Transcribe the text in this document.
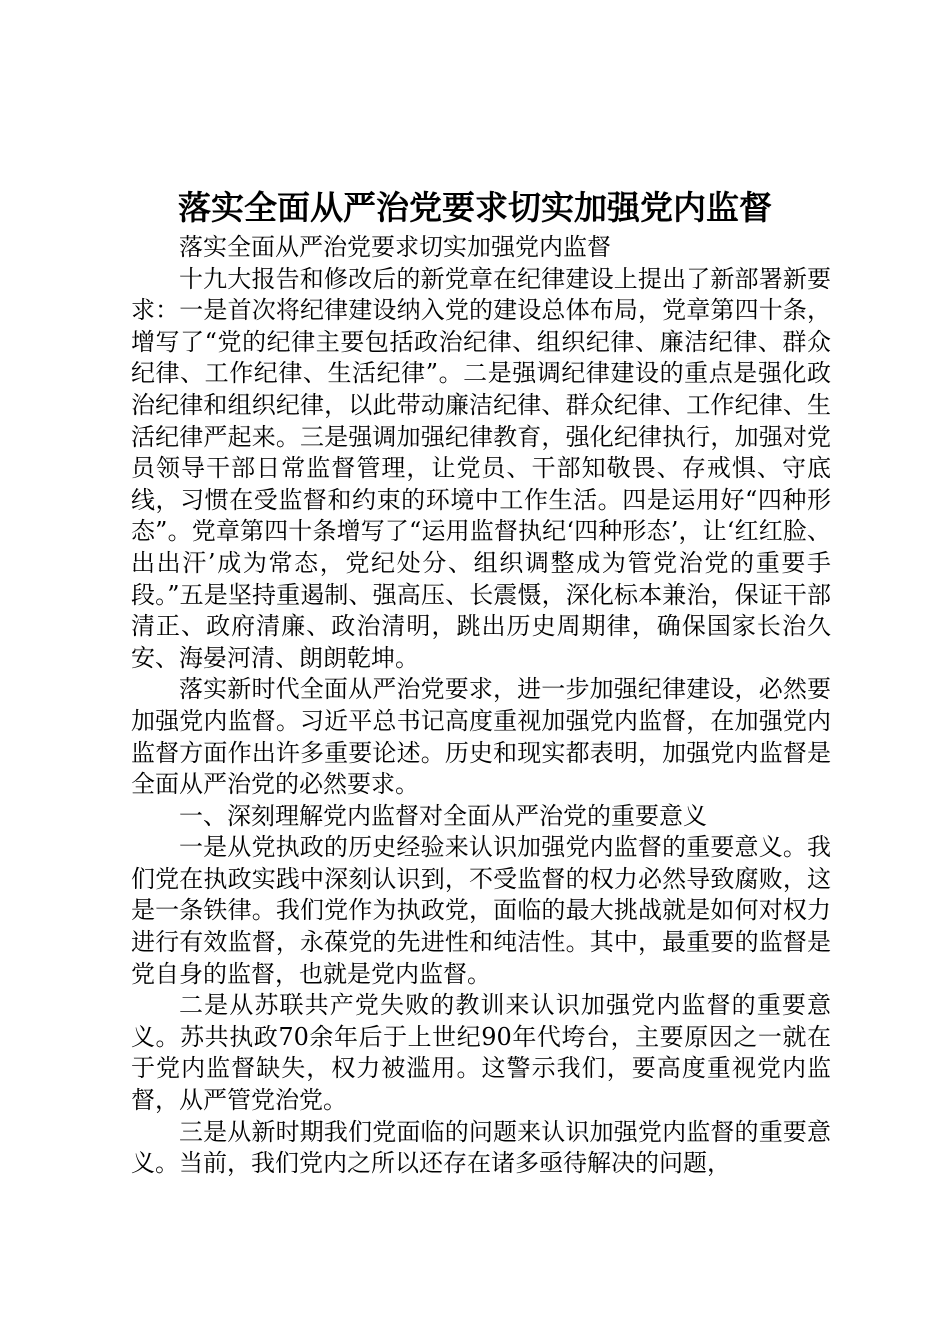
落实全面从严治党要求切实加强党内监督

落实全面从严治党要求切实加强党内监督

十九大报告和修改后的新党章在纪律建设上提出了新部署新要求：一是首次将纪律建设纳入党的建设总体布局，党章第四十条，增写了“党的纪律主要包括政治纪律、组织纪律、廉洁纪律、群众纪律、工作纪律、生活纪律”。二是强调纪律建设的重点是强化政治纪律和组织纪律，以此带动廉洁纪律、群众纪律、工作纪律、生活纪律严起来。三是强调加强纪律教育，强化纪律执行，加强对党员领导干部日常监督管理，让党员、干部知敬畏、存戒惧、守底线，习惯在受监督和约束的环境中工作生活。四是运用好“四种形态”。党章第四十条增写了“运用监督执纪‘四种形态’，让‘红红脸、出出汗’成为常态，党纪处分、组织调整成为管党治党的重要手段。”五是坚持重遏制、强高压、长震慑，深化标本兼治，保证干部清正、政府清廉、政治清明，跳出历史周期律，确保国家长治久安、海晏河清、朗朗乾坤。

落实新时代全面从严治党要求，进一步加强纪律建设，必然要加强党内监督。习近平总书记高度重视加强党内监督，在加强党内监督方面作出许多重要论述。历史和现实都表明，加强党内监督是全面从严治党的必然要求。

一、深刻理解党内监督对全面从严治党的重要意义

一是从党执政的历史经验来认识加强党内监督的重要意义。我们党在执政实践中深刻认识到，不受监督的权力必然导致腐败，这是一条铁律。我们党作为执政党，面临的最大挑战就是如何对权力进行有效监督，永葆党的先进性和纯洁性。其中，最重要的监督是党自身的监督，也就是党内监督。

二是从苏联共产党失败的教训来认识加强党内监督的重要意义。苏共执政70余年后于上世纪90年代垮台，主要原因之一就在于党内监督缺失，权力被滥用。这警示我们，要高度重视党内监督，从严管党治党。

三是从新时期我们党面临的问题来认识加强党内监督的重要意义。当前，我们党内之所以还存在诸多亟待解决的问题，
